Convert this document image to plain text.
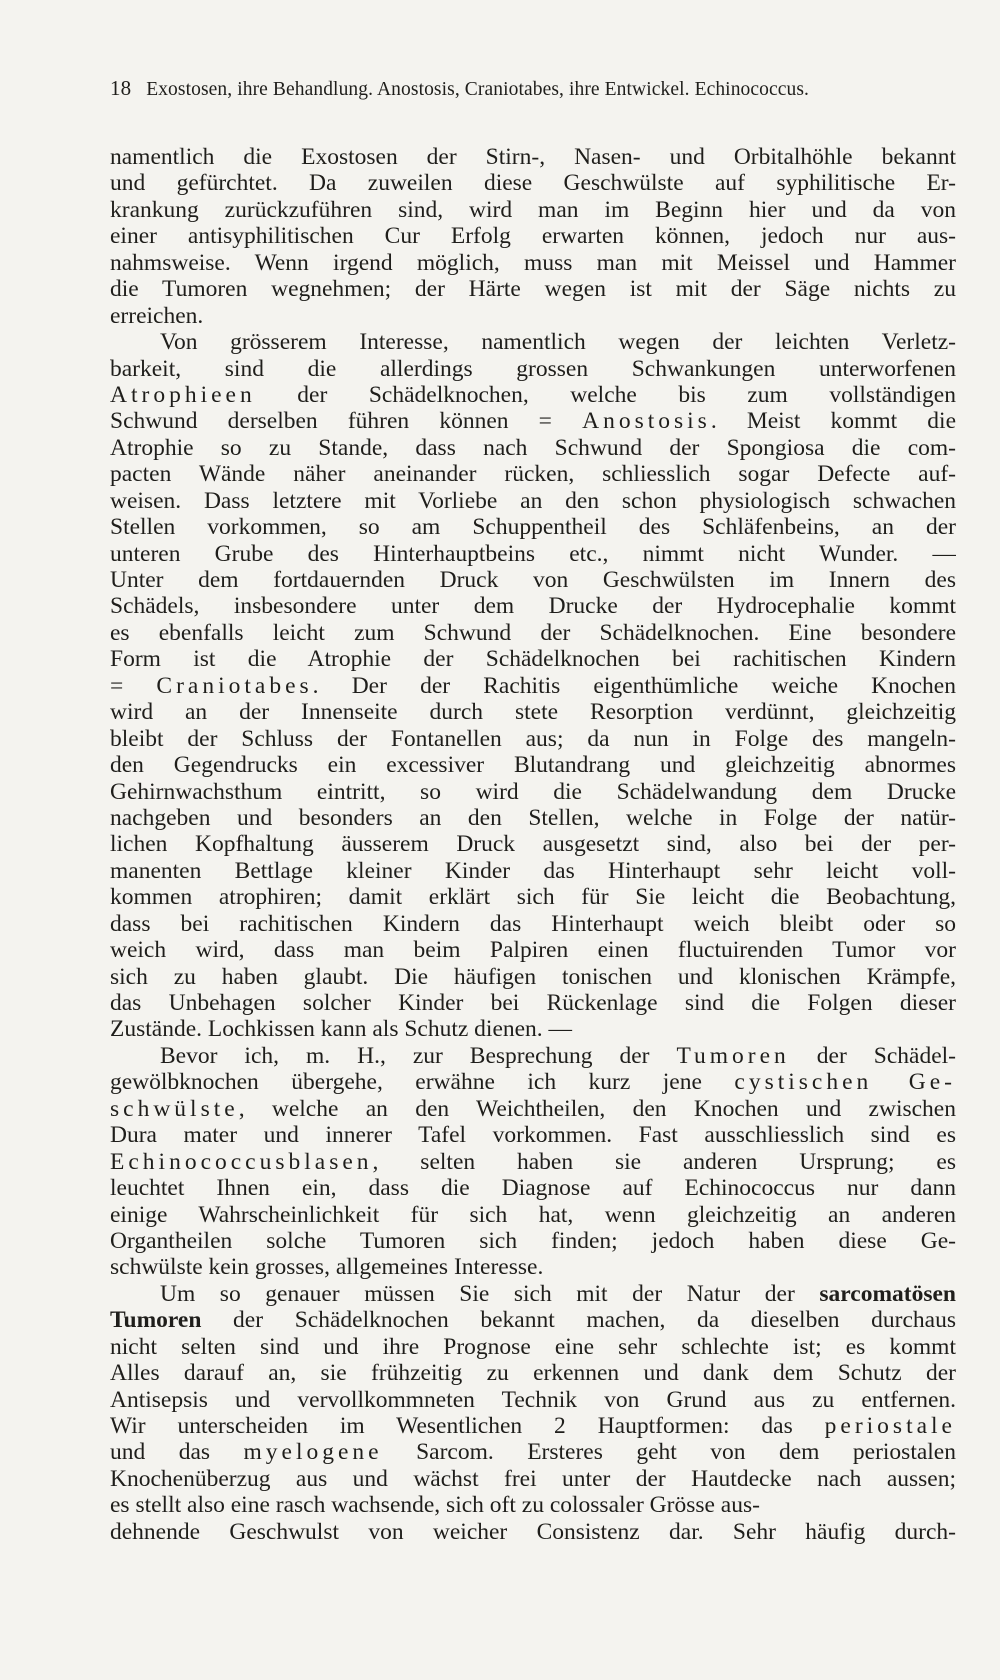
18 Exostosen, ihre Behandlung. Anostosis, Craniotabes, ihre Entwickel. Echinococcus.
namentlich die Exostosen der Stirn-, Nasen- und Orbitalhöhle bekannt
und gefürchtet. Da zuweilen diese Geschwülste auf syphilitische Er-
krankung zurückzuführen sind, wird man im Beginn hier und da von
einer antisyphilitischen Cur Erfolg erwarten können, jedoch nur aus-
nahmsweise. Wenn irgend möglich, muss man mit Meissel und Hammer
die Tumoren wegnehmen; der Härte wegen ist mit der Säge nichts zu
erreichen.
Von grösserem Interesse, namentlich wegen der leichten Verletz-
barkeit, sind die allerdings grossen Schwankungen unterworfenen
Atrophieen der Schädelknochen, welche bis zum vollständigen
Schwund derselben führen können = Anostosis. Meist kommt die
Atrophie so zu Stande, dass nach Schwund der Spongiosa die com-
pacten Wände näher aneinander rücken, schliesslich sogar Defecte auf-
weisen. Dass letztere mit Vorliebe an den schon physiologisch schwachen
Stellen vorkommen, so am Schuppentheil des Schläfenbeins, an der
unteren Grube des Hinterhauptbeins etc., nimmt nicht Wunder. —
Unter dem fortdauernden Druck von Geschwülsten im Innern des
Schädels, insbesondere unter dem Drucke der Hydrocephalie kommt
es ebenfalls leicht zum Schwund der Schädelknochen. Eine besondere
Form ist die Atrophie der Schädelknochen bei rachitischen Kindern
= Craniotabes. Der der Rachitis eigenthümliche weiche Knochen
wird an der Innenseite durch stete Resorption verdünnt, gleichzeitig
bleibt der Schluss der Fontanellen aus; da nun in Folge des mangeln-
den Gegendrucks ein excessiver Blutandrang und gleichzeitig abnormes
Gehirnwachsthum eintritt, so wird die Schädelwandung dem Drucke
nachgeben und besonders an den Stellen, welche in Folge der natür-
lichen Kopfhaltung äusserem Druck ausgesetzt sind, also bei der per-
manenten Bettlage kleiner Kinder das Hinterhaupt sehr leicht voll-
kommen atrophiren; damit erklärt sich für Sie leicht die Beobachtung,
dass bei rachitischen Kindern das Hinterhaupt weich bleibt oder so
weich wird, dass man beim Palpiren einen fluctuirenden Tumor vor
sich zu haben glaubt. Die häufigen tonischen und klonischen Krämpfe,
das Unbehagen solcher Kinder bei Rückenlage sind die Folgen dieser
Zustände. Lochkissen kann als Schutz dienen. —
Bevor ich, m. H., zur Besprechung der Tumoren der Schädel-
gewölbknochen übergehe, erwähne ich kurz jene cystischen Ge-
schwülste, welche an den Weichtheilen, den Knochen und zwischen
Dura mater und innerer Tafel vorkommen. Fast ausschliesslich sind es
Echinococcusblasen, selten haben sie anderen Ursprung; es
leuchtet Ihnen ein, dass die Diagnose auf Echinococcus nur dann
einige Wahrscheinlichkeit für sich hat, wenn gleichzeitig an anderen
Organtheilen solche Tumoren sich finden; jedoch haben diese Ge-
schwülste kein grosses, allgemeines Interesse.
Um so genauer müssen Sie sich mit der Natur der sarcomatösen
Tumoren der Schädelknochen bekannt machen, da dieselben durchaus
nicht selten sind und ihre Prognose eine sehr schlechte ist; es kommt
Alles darauf an, sie frühzeitig zu erkennen und dank dem Schutz der
Antisepsis und vervollkommneten Technik von Grund aus zu entfernen.
Wir unterscheiden im Wesentlichen 2 Hauptformen: das periostale
und das myelogene Sarcom. Ersteres geht von dem periostalen
Knochenüberzug aus und wächst frei unter der Hautdecke nach aussen;
es stellt also eine rasch wachsende, sich oft zu colossaler Grösse aus-
dehnende Geschwulst von weicher Consistenz dar. Sehr häufig durch-
